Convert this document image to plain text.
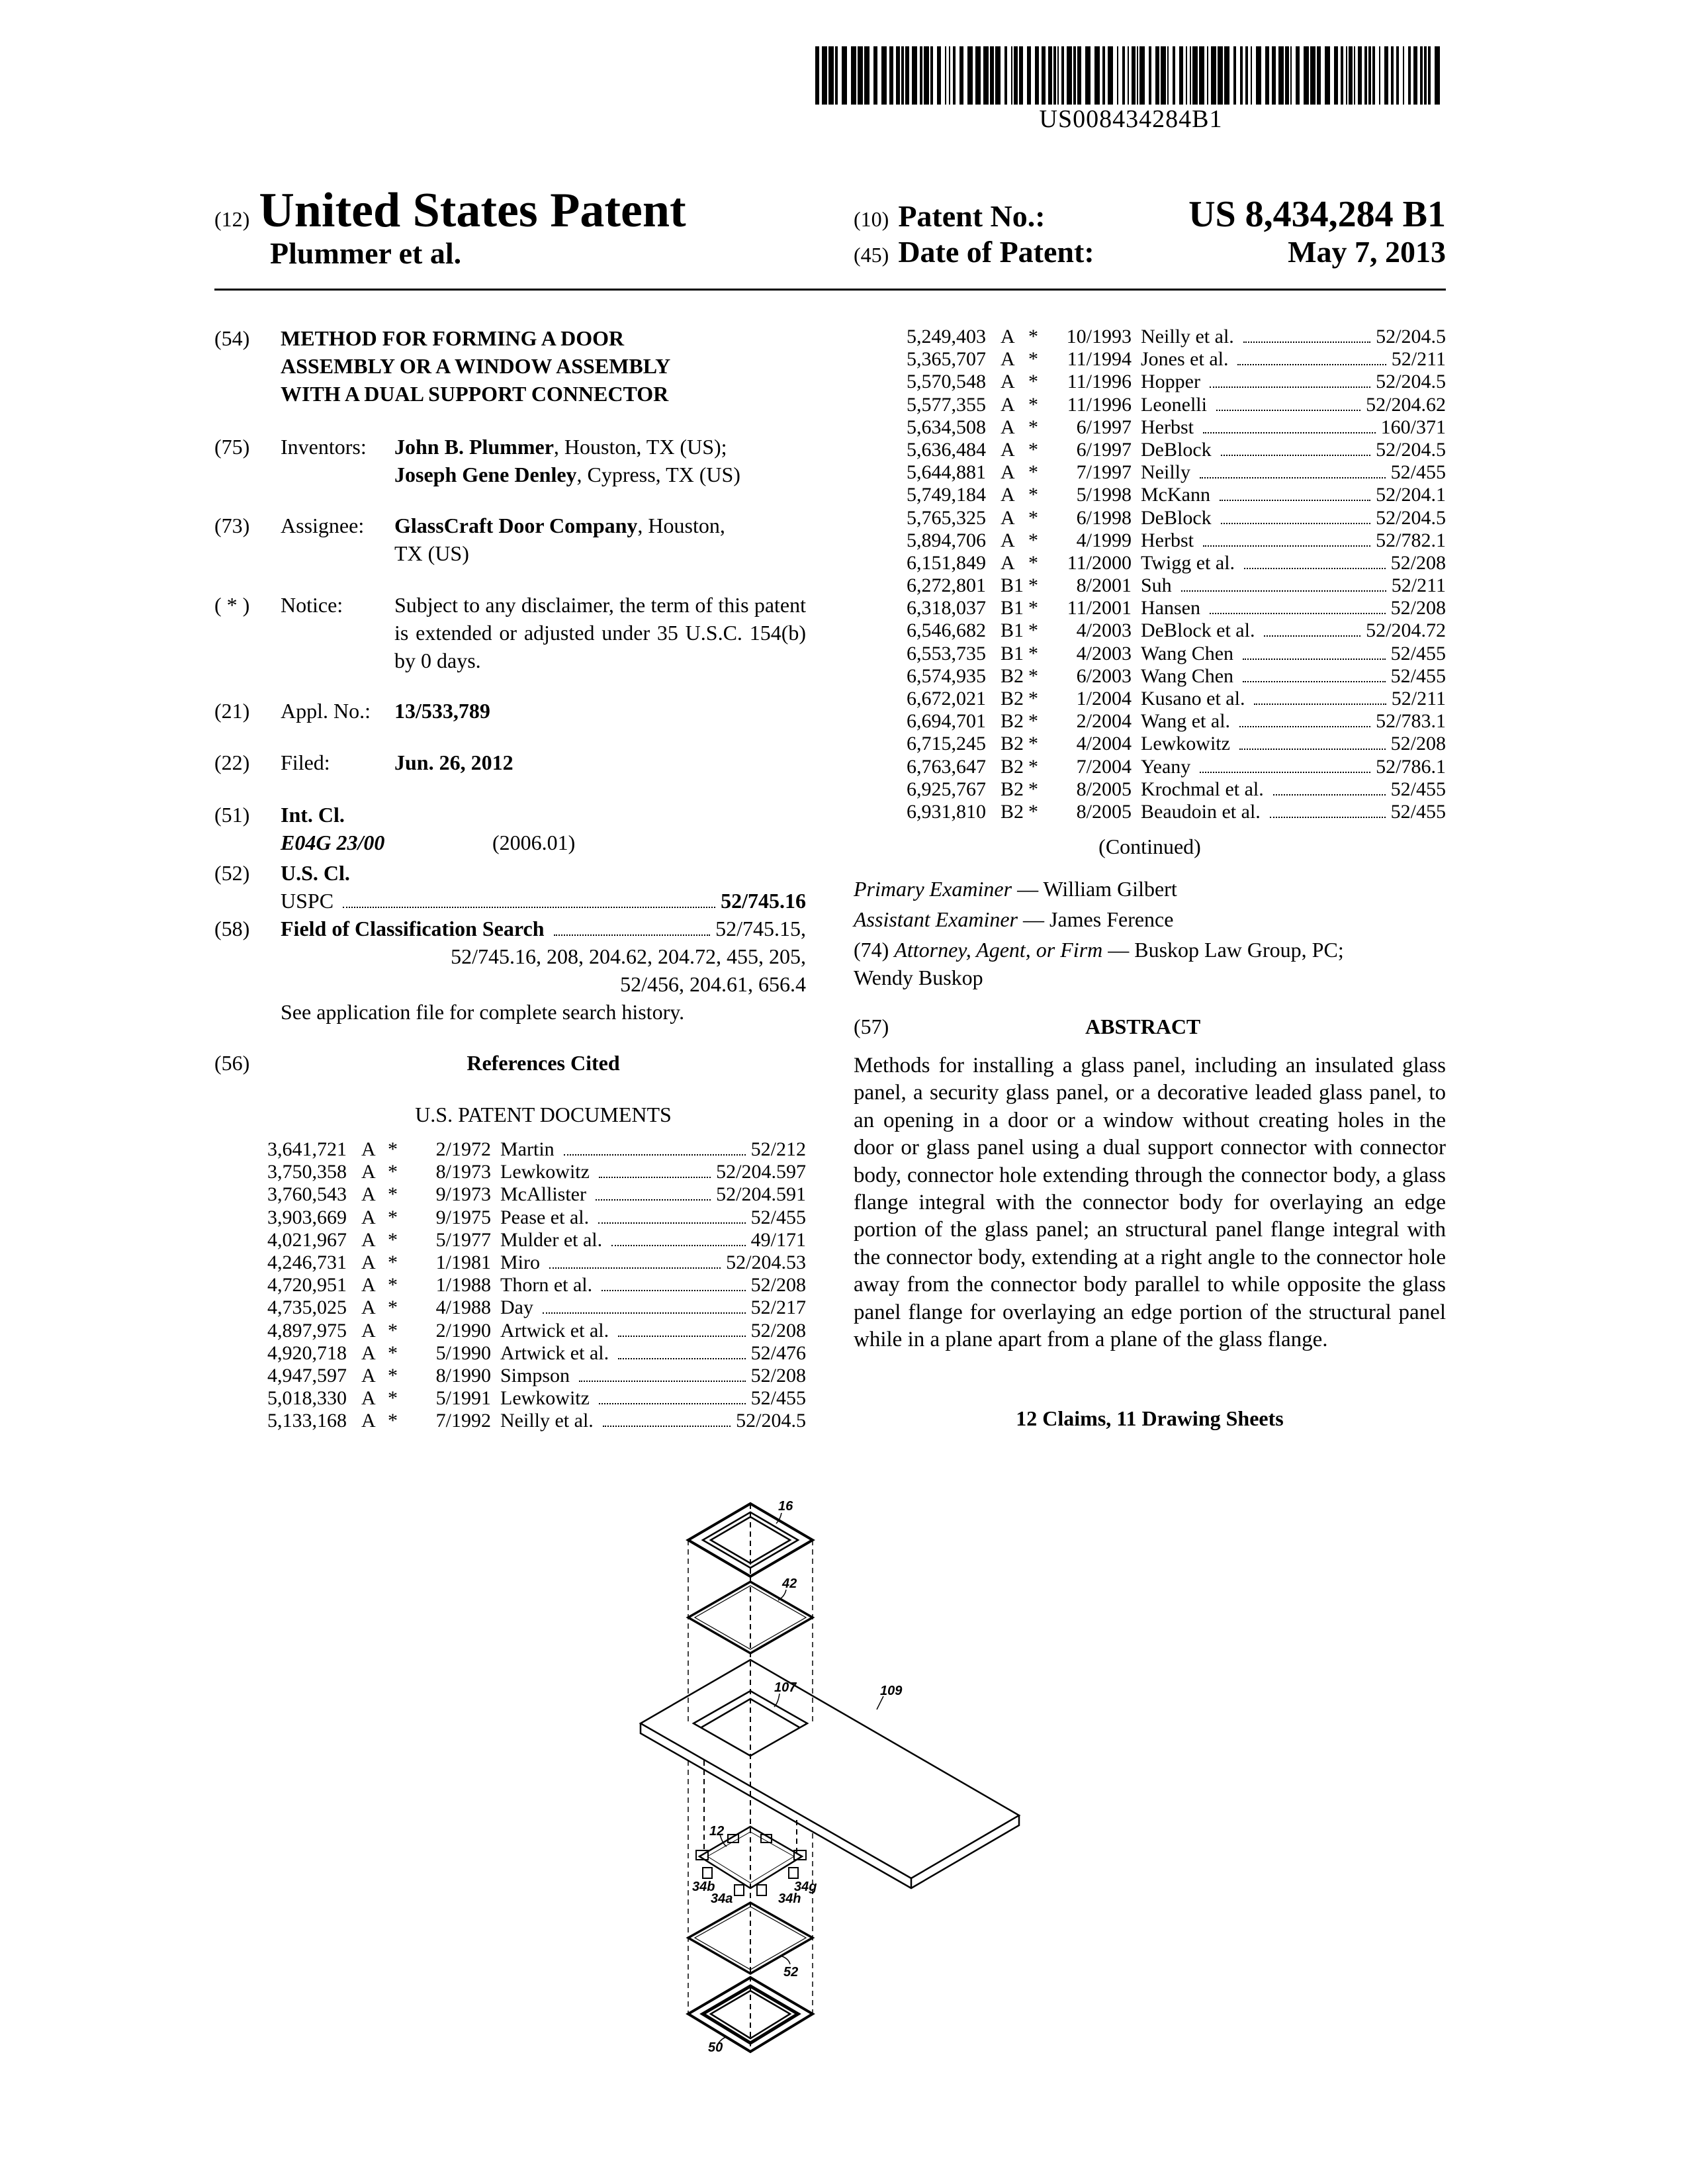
US008434284B1
(12) United States Patent
Plummer et al.
(10) Patent No.:	US 8,434,284 B1
(45) Date of Patent:	May 7, 2013
(54) METHOD FOR FORMING A DOOR
ASSEMBLY OR A WINDOW ASSEMBLY
WITH A DUAL SUPPORT CONNECTOR
(75) Inventors: John B. Plummer, Houston, TX (US);
Joseph Gene Denley, Cypress, TX (US)
(73) Assignee: GlassCraft Door Company, Houston,
TX (US)
( * ) Notice: Subject to any disclaimer, the term of this patent is extended or adjusted under 35 U.S.C. 154(b) by 0 days.
(21) Appl. No.: 13/533,789
(22) Filed:	Jun. 26, 2012
(51) Int. Cl.
E04G 23/00	(2006.01)
(52) U.S. Cl.
USPC	52/745.16
(58) Field of Classification Search	52/745.15,
52/745.16, 208, 204.62, 204.72, 455, 205,
52/456, 204.61, 656.4
See application file for complete search history.
(56)	References Cited
U.S. PATENT DOCUMENTS
3,641,721 A *	2/1972 Martin	52/212
3,750,358 A *	8/1973 Lewkowitz	52/204.597
3,760,543 A *	9/1973 McAllister	52/204.591
3,903,669 A *	9/1975 Pease et al.	52/455
4,021,967 A *	5/1977 Mulder et al.	49/171
4,246,731 A *	1/1981 Miro	52/204.53
4,720,951 A *	1/1988 Thorn et al.	52/208
4,735,025 A *	4/1988 Day	52/217
4,897,975 A *	2/1990 Artwick et al.	52/208
4,920,718 A *	5/1990 Artwick et al.	52/476
4,947,597 A *	8/1990 Simpson	52/208
5,018,330 A *	5/1991 Lewkowitz	52/455
5,133,168 A *	7/1992 Neilly et al.	52/204.5
5,249,403 A *	10/1993 Neilly et al.	52/204.5
5,365,707 A *	11/1994 Jones et al.	52/211
5,570,548 A *	11/1996 Hopper	52/204.5
5,577,355 A *	11/1996 Leonelli	52/204.62
5,634,508 A *	6/1997 Herbst	160/371
5,636,484 A *	6/1997 DeBlock	52/204.5
5,644,881 A *	7/1997 Neilly	52/455
5,749,184 A *	5/1998 McKann	52/204.1
5,765,325 A *	6/1998 DeBlock	52/204.5
5,894,706 A *	4/1999 Herbst	52/782.1
6,151,849 A *	11/2000 Twigg et al.	52/208
6,272,801 B1 *	8/2001 Suh	52/211
6,318,037 B1 *	11/2001 Hansen	52/208
6,546,682 B1 *	4/2003 DeBlock et al.	52/204.72
6,553,735 B1 *	4/2003 Wang Chen	52/455
6,574,935 B2 *	6/2003 Wang Chen	52/455
6,672,021 B2 *	1/2004 Kusano et al.	52/211
6,694,701 B2 *	2/2004 Wang et al.	52/783.1
6,715,245 B2 *	4/2004 Lewkowitz	52/208
6,763,647 B2 *	7/2004 Yeany	52/786.1
6,925,767 B2 *	8/2005 Krochmal et al.	52/455
6,931,810 B2 *	8/2005 Beaudoin et al.	52/455
(Continued)
Primary Examiner — William Gilbert
Assistant Examiner — James Ference
(74) Attorney, Agent, or Firm — Buskop Law Group, PC;
Wendy Buskop
(57)	ABSTRACT
Methods for installing a glass panel, including an insulated glass panel, a security glass panel, or a decorative leaded glass panel, to an opening in a door or a window without creating holes in the door or glass panel using a dual support connector with connector body, connector hole extending through the connector body, a glass flange integral with the connector body for overlaying an edge portion of the glass panel; an structural panel flange integral with the connector body, extending at a right angle to the connector hole away from the connector body parallel to while opposite the glass panel flange for overlaying an edge portion of the structural panel while in a plane apart from a plane of the glass flange.
12 Claims, 11 Drawing Sheets
16
42
107	109
12
34b
34a	34h
34g
52
50
